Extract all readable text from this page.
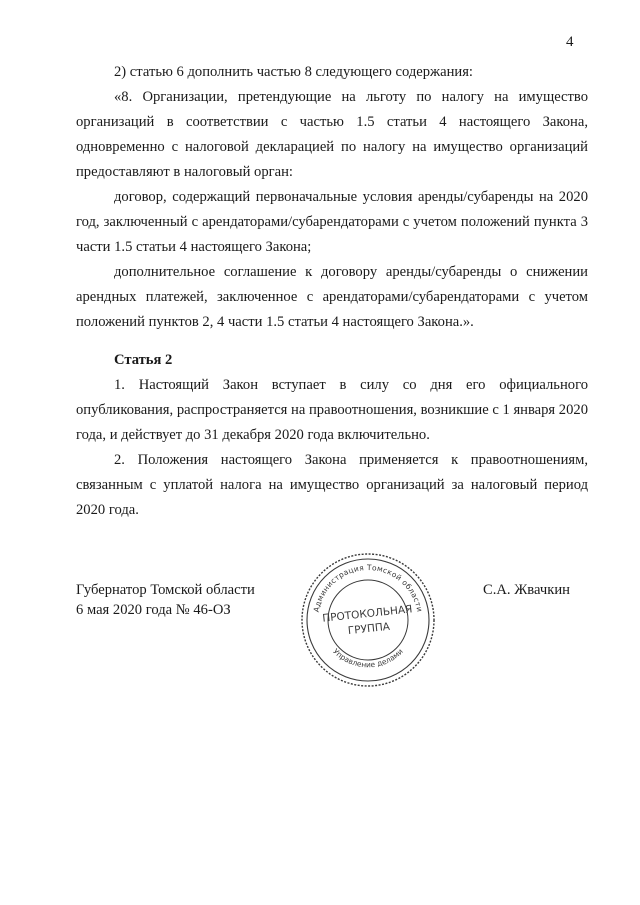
4

2) статью 6 дополнить частью 8 следующего содержания:

«8. Организации, претендующие на льготу по налогу на имущество организаций в соответствии с частью 1.5 статьи 4 настоящего Закона, одновременно с налоговой декларацией по налогу на имущество организаций предоставляют в налоговый орган:

договор, содержащий первоначальные условия аренды/субаренды на 2020 год, заключенный с арендаторами/субарендаторами с учетом положений пункта 3 части 1.5 статьи 4 настоящего Закона;

дополнительное соглашение к договору аренды/субаренды о снижении арендных платежей, заключенное с арендаторами/субарендаторами с учетом положений пунктов 2, 4 части 1.5 статьи 4 настоящего Закона.».

Статья 2

1. Настоящий Закон вступает в силу со дня его официального опубликования, распространяется на правоотношения, возникшие с 1 января 2020 года, и действует до 31 декабря 2020 года включительно.

2. Положения настоящего Закона применяется к правоотношениям, связанным с уплатой налога на имущество организаций за налоговый период 2020 года.

Губернатор Томской области
6 мая 2020 года № 46-ОЗ
С.А. Жвачкин
Администрация Томской области
Управление делами
ПРОТОКОЛЬНАЯ
ГРУППА
